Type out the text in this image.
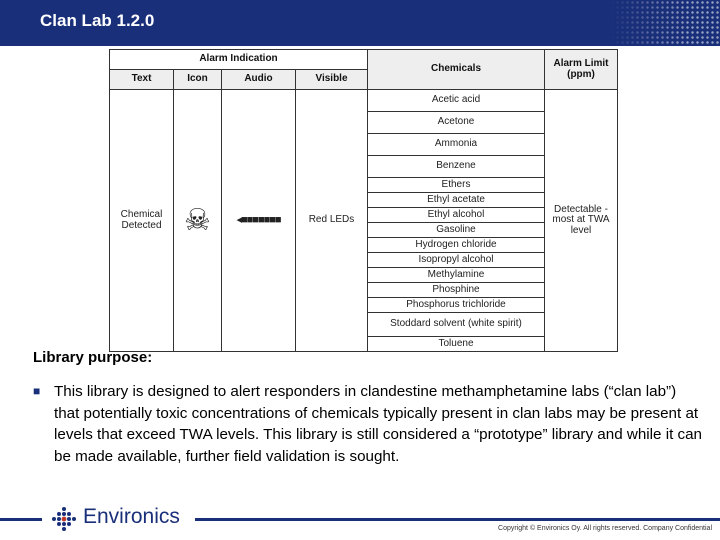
Clan Lab 1.2.0
Alarm Indication				Chemicals	Alarm Limit (ppm)
Text	Icon	Audio	Visible		
Chemical Detected	☠	◂■■■■■■■	Red LEDs	Acetic acid	Detectable - most at TWA level
				Acetone	
				Ammonia	
				Benzene	
				Ethers	
				Ethyl acetate	
				Ethyl alcohol	
				Gasoline	
				Hydrogen chloride	
				Isopropyl alcohol	
				Methylamine	
				Phosphine	
				Phosphorus trichloride	
				Stoddard solvent (white spirit)	
				Toluene	
Library purpose:
■ This library is designed to alert responders in clandestine methamphetamine labs (“clan lab”) that potentially toxic concentrations of chemicals typically present in clan labs may be present at levels that exceed TWA levels. This library is still considered a “prototype” library and while it can be made available, further field validation is sought.
Environics
Copyright © Environics Oy. All rights reserved. Company Confidential
